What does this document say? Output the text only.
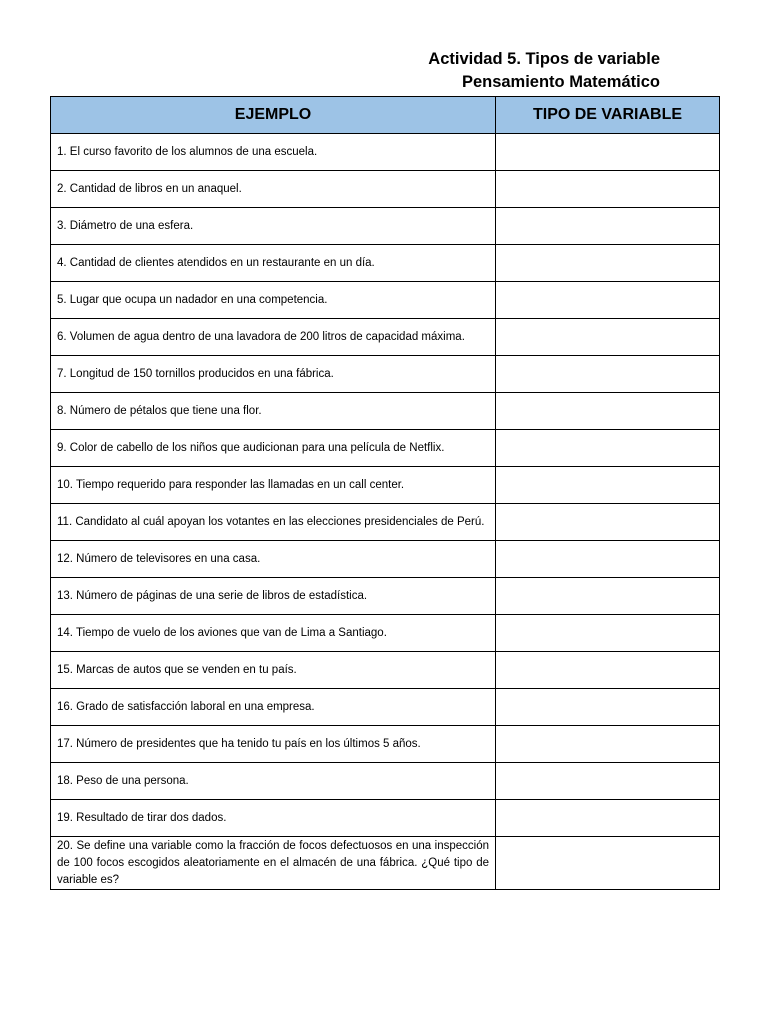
Actividad 5. Tipos de variable
Pensamiento Matemático
EJEMPLO	TIPO DE VARIABLE
1. El curso favorito de los alumnos de una escuela.	
2. Cantidad de libros en un anaquel.	
3. Diámetro de una esfera.	
4. Cantidad de clientes atendidos en un restaurante en un día.	
5. Lugar que ocupa un nadador en una competencia.	
6. Volumen de agua dentro de una lavadora de 200 litros de capacidad máxima.	
7. Longitud de 150 tornillos producidos en una fábrica.	
8. Número de pétalos que tiene una flor.	
9. Color de cabello de los niños que audicionan para una película de Netflix.	
10. Tiempo requerido para responder las llamadas en un call center.	
11. Candidato al cuál apoyan los votantes en las elecciones presidenciales de Perú.	
12. Número de televisores en una casa.	
13. Número de páginas de una serie de libros de estadística.	
14. Tiempo de vuelo de los aviones que van de Lima a Santiago.	
15. Marcas de autos que se venden en tu país.	
16. Grado de satisfacción laboral en una empresa.	
17. Número de presidentes que ha tenido tu país en los últimos 5 años.	
18. Peso de una persona.	
19. Resultado de tirar dos dados.	
20. Se define una variable como la fracción de focos defectuosos en una inspección de 100 focos escogidos aleatoriamente en el almacén de una fábrica. ¿Qué tipo de variable es?	
